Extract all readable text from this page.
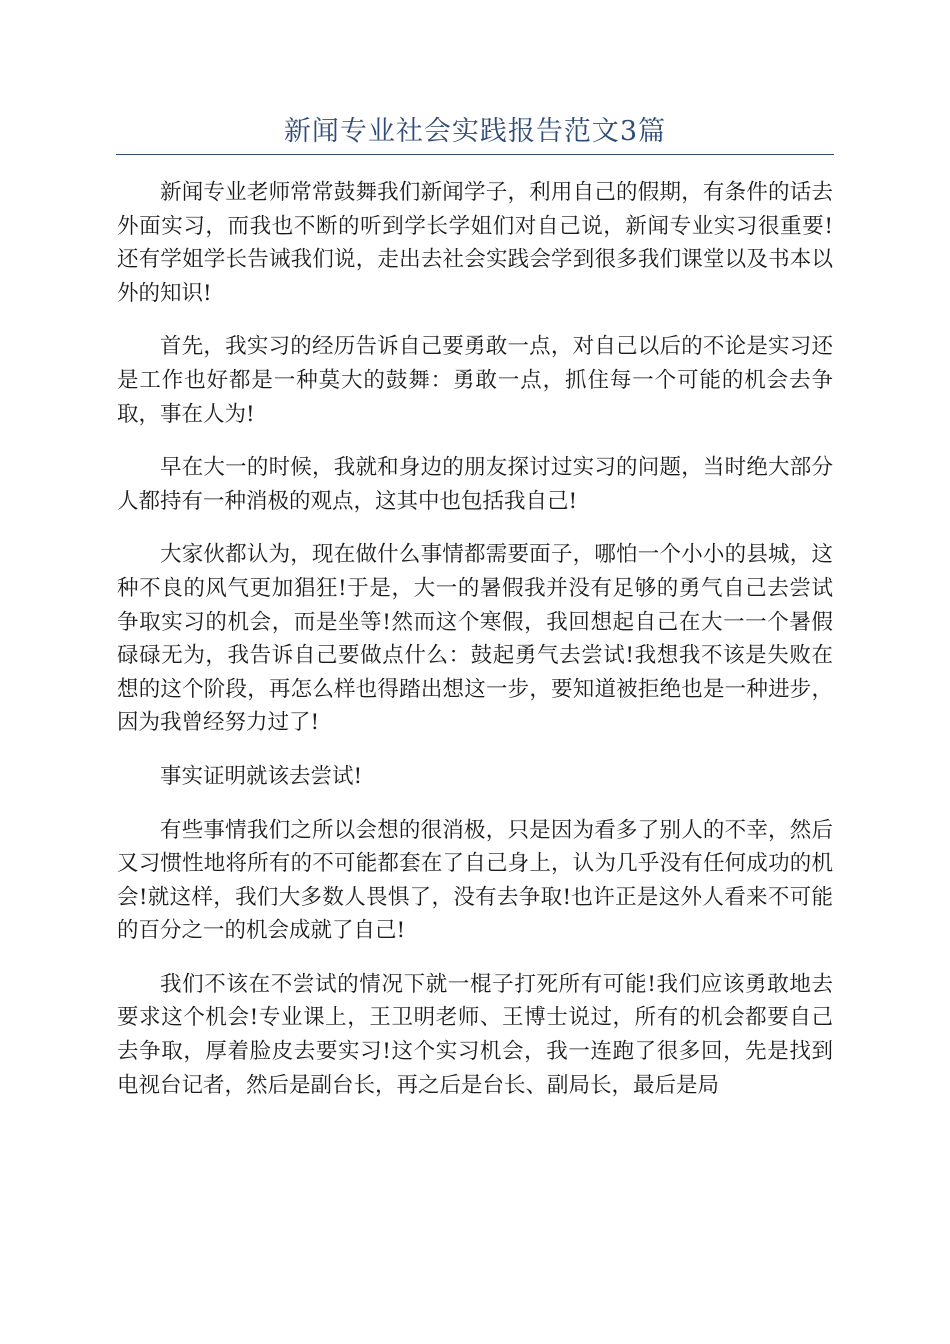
新闻专业社会实践报告范文3篇

新闻专业老师常常鼓舞我们新闻学子，利用自己的假期，有条件的话去外面实习，而我也不断的听到学长学姐们对自己说，新闻专业实习很重要!还有学姐学长告诫我们说，走出去社会实践会学到很多我们课堂以及书本以外的知识!

首先，我实习的经历告诉自己要勇敢一点，对自己以后的不论是实习还是工作也好都是一种莫大的鼓舞：勇敢一点，抓住每一个可能的机会去争取，事在人为!

早在大一的时候，我就和身边的朋友探讨过实习的问题，当时绝大部分人都持有一种消极的观点，这其中也包括我自己!

大家伙都认为，现在做什么事情都需要面子，哪怕一个小小的县城，这种不良的风气更加猖狂!于是，大一的暑假我并没有足够的勇气自己去尝试争取实习的机会，而是坐等!然而这个寒假，我回想起自己在大一一个暑假碌碌无为，我告诉自己要做点什么：鼓起勇气去尝试!我想我不该是失败在想的这个阶段，再怎么样也得踏出想这一步，要知道被拒绝也是一种进步，因为我曾经努力过了!

事实证明就该去尝试!

有些事情我们之所以会想的很消极，只是因为看多了别人的不幸，然后又习惯性地将所有的不可能都套在了自己身上，认为几乎没有任何成功的机会!就这样，我们大多数人畏惧了，没有去争取!也许正是这外人看来不可能的百分之一的机会成就了自己!

我们不该在不尝试的情况下就一棍子打死所有可能!我们应该勇敢地去要求这个机会!专业课上，王卫明老师、王博士说过，所有的机会都要自己去争取，厚着脸皮去要实习!这个实习机会，我一连跑了很多回，先是找到电视台记者，然后是副台长，再之后是台长、副局长，最后是局
